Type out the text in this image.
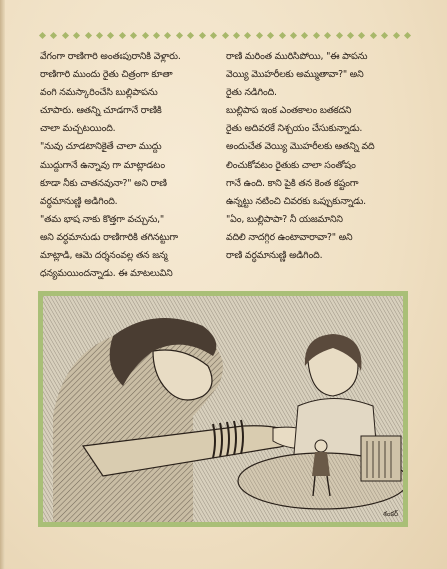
వేగంగా రాణిగారి అంతఃపురానికి వెళ్లారు.
రాణిగారి ముందు రైతు చిత్రంగా కూతా
వంగి నమస్కారించేసి బుల్లిపాపను
చూపారు. ఆతన్ని చూడగానే రాణికి
చాలా మచ్చటయింది.
"నువు చూడటానికైతే చాలా ముద్దు
ముద్దుగానే ఉన్నావు గా మాట్లాడటం
కూడా నీకు చాతనవునా?" అని రాణి
వర్ధమానుణ్ణి అడిగింది.
"తమ భాష నాకు కొత్తగా వచ్చును,"
అని వర్ధమానుడు రాణిగారికి తగినట్టుగా
మాట్లాడి, ఆమె దర్శనంవల్ల తన జన్మ
ధన్యమయిందన్నాడు. ఈ మాటలువిని
రాణి మరింత మురిసిపోయి, "ఈ పాపను
వెయ్యి మొహరీలకు అమ్ముతావా?" అని
రైతు నడిగింది.
బుల్లిపాప ఇంక ఎంతకాలం బతకదని
రైతు అదివరకే నిశ్చయం చేసుకున్నాడు.
అందుచేత వెయ్యి మొహరీలకు ఆతన్ని వది
లించుకోవటం రైతుకు చాలా సంతోషం
గానే ఉంది. కాని పైకి తన కెంత కష్టంగా
ఉన్నట్టు నటించి చివరకు ఒప్పుకున్నాడు.
"ఏం, బుల్లిపాపా? నీ యజమానిని
వదిలి నాదగ్గిర ఉంటావారావా?" అని
రాణి వర్ధమానుణ్ణి అడిగింది.
శంకర్
